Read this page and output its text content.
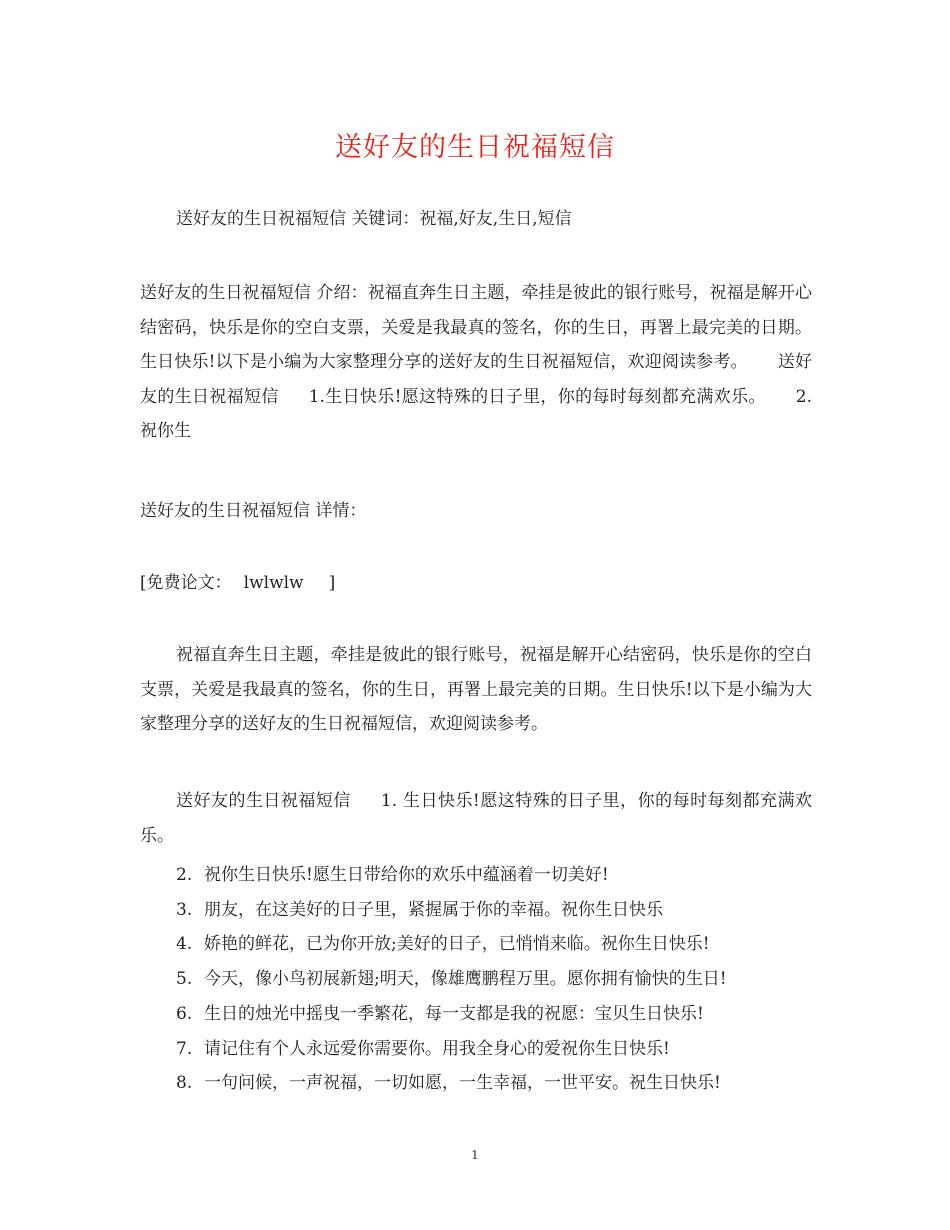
送好友的生日祝福短信

送好友的生日祝福短信 关键词：祝福,好友,生日,短信

送好友的生日祝福短信 介绍：祝福直奔生日主题，牵挂是彼此的银行账号，祝福是解开心结密码，快乐是你的空白支票，关爱是我最真的签名，你的生日，再署上最完美的日期。生日快乐!以下是小编为大家整理分享的送好友的生日祝福短信，欢迎阅读参考。 送好友的生日祝福短信 1.生日快乐!愿这特殊的日子里，你的每时每刻都充满欢乐。 2.祝你生

送好友的生日祝福短信 详情：

[免费论文： lwlwlw ]

祝福直奔生日主题，牵挂是彼此的银行账号，祝福是解开心结密码，快乐是你的空白支票，关爱是我最真的签名，你的生日，再署上最完美的日期。生日快乐!以下是小编为大家整理分享的送好友的生日祝福短信，欢迎阅读参考。

送好友的生日祝福短信 1. 生日快乐!愿这特殊的日子里，你的每时每刻都充满欢乐。

2. 祝你生日快乐!愿生日带给你的欢乐中蕴涵着一切美好!
3. 朋友，在这美好的日子里，紧握属于你的幸福。祝你生日快乐
4. 娇艳的鲜花，已为你开放;美好的日子，已悄悄来临。祝你生日快乐!
5. 今天，像小鸟初展新翅;明天，像雄鹰鹏程万里。愿你拥有愉快的生日!
6. 生日的烛光中摇曳一季繁花，每一支都是我的祝愿：宝贝生日快乐!
7. 请记住有个人永远爱你需要你。用我全身心的爱祝你生日快乐!
8. 一句问候，一声祝福，一切如愿，一生幸福，一世平安。祝生日快乐!
1
